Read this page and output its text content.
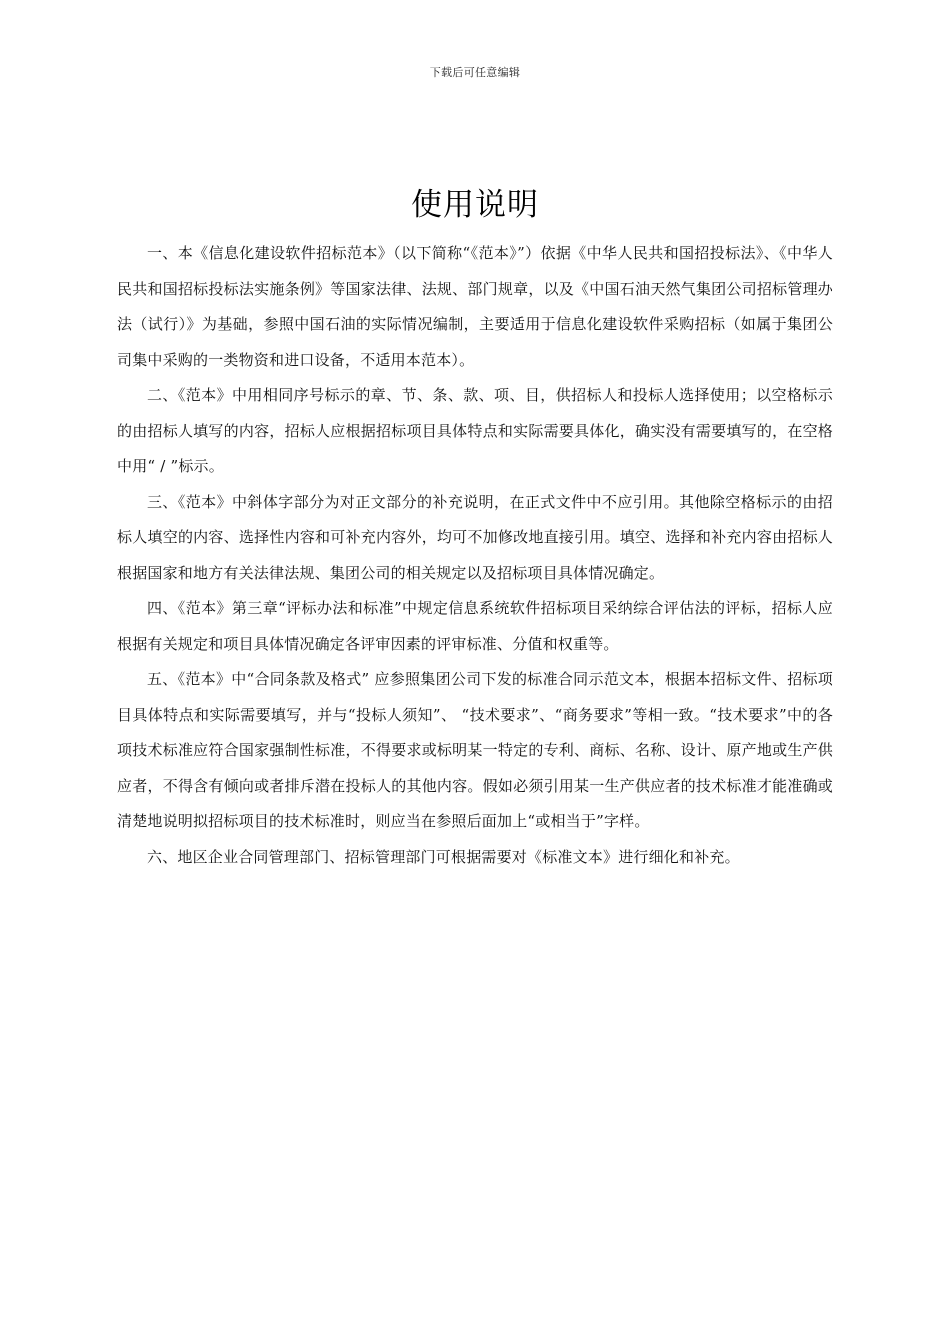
下载后可任意编辑
使用说明

一、本《信息化建设软件招标范本》（以下简称“《范本》”）依据《中华人民共和国招投标法》、《中华人民共和国招标投标法实施条例》等国家法律、法规、部门规章，以及《中国石油天然气集团公司招标管理办法（试行）》为基础，参照中国石油的实际情况编制，主要适用于信息化建设软件采购招标（如属于集团公司集中采购的一类物资和进口设备，不适用本范本）。

二、《范本》中用相同序号标示的章、节、条、款、项、目，供招标人和投标人选择使用；以空格标示的由招标人填写的内容，招标人应根据招标项目具体特点和实际需要具体化，确实没有需要填写的，在空格中用“ / ”标示。

三、《范本》中斜体字部分为对正文部分的补充说明，在正式文件中不应引用。其他除空格标示的由招标人填空的内容、选择性内容和可补充内容外，均可不加修改地直接引用。填空、选择和补充内容由招标人根据国家和地方有关法律法规、集团公司的相关规定以及招标项目具体情况确定。

四、《范本》第三章“评标办法和标准”中规定信息系统软件招标项目采纳综合评估法的评标，招标人应根据有关规定和项目具体情况确定各评审因素的评审标准、分值和权重等。

五、《范本》中“合同条款及格式” 应参照集团公司下发的标准合同示范文本，根据本招标文件、招标项目具体特点和实际需要填写，并与“投标人须知”、 “技术要求”、“商务要求”等相一致。“技术要求”中的各项技术标准应符合国家强制性标准，不得要求或标明某一特定的专利、商标、名称、设计、原产地或生产供应者，不得含有倾向或者排斥潜在投标人的其他内容。假如必须引用某一生产供应者的技术标准才能准确或清楚地说明拟招标项目的技术标准时，则应当在参照后面加上“或相当于”字样。

六、地区企业合同管理部门、招标管理部门可根据需要对《标准文本》进行细化和补充。
